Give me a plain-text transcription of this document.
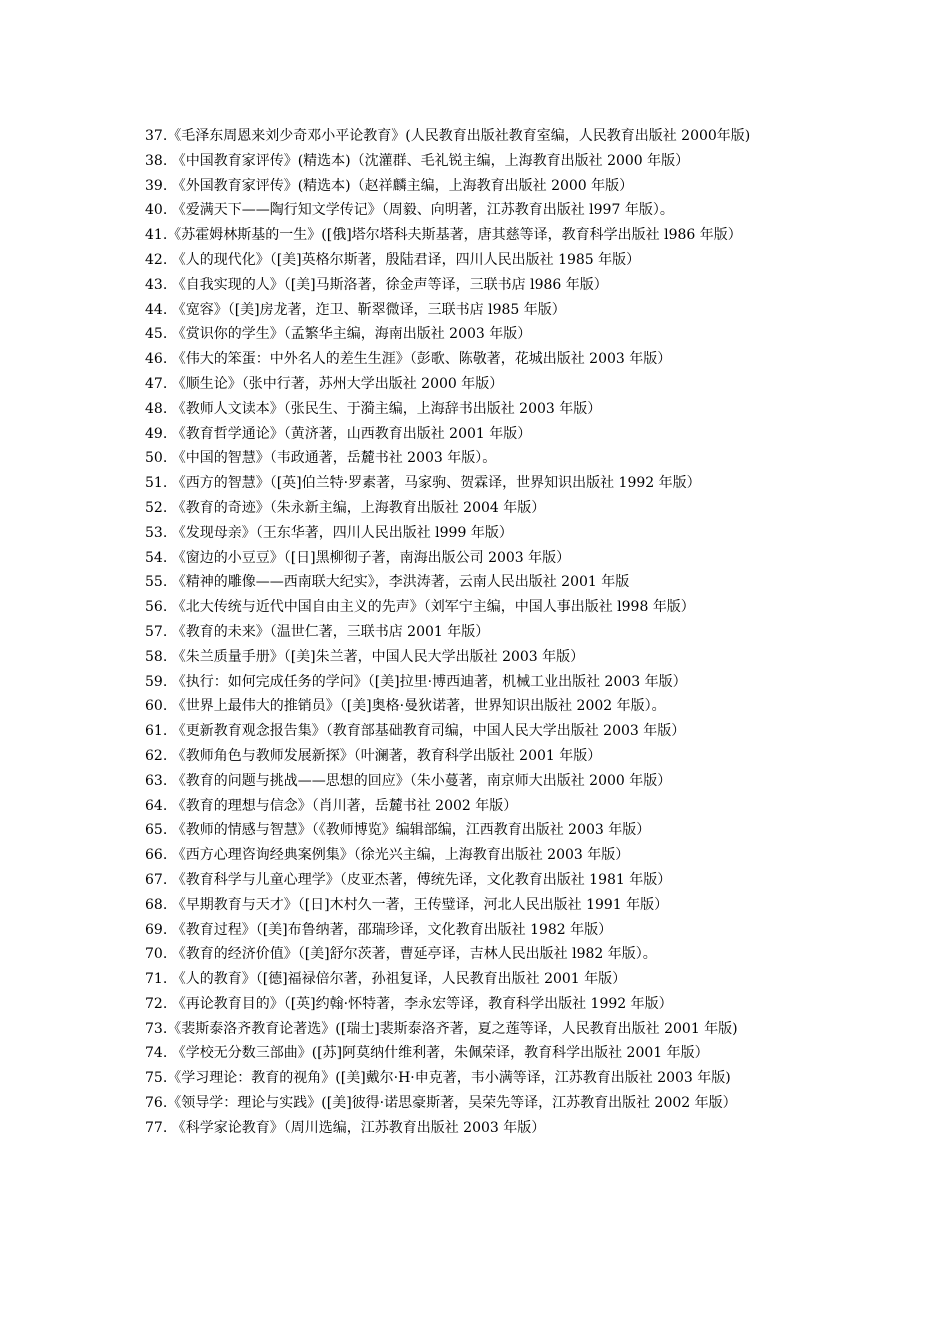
37.《毛泽东周恩来刘少奇邓小平论教育》(人民教育出版社教育室编，人民教育出版社 2000年版)

38. 《中国教育家评传》(精选本)（沈灌群、毛礼锐主编，上海教育出版社 2000 年版）

39. 《外国教育家评传》(精选本)（赵祥麟主编，上海教育出版社 2000 年版）

40. 《爱满天下——陶行知文学传记》（周毅、向明著，江苏教育出版社 l997 年版）。

41.《苏霍姆林斯基的一生》([俄]塔尔塔科夫斯基著，唐其慈等译，教育科学出版社 l986 年版）

42. 《人的现代化》（[美]英格尔斯著，殷陆君译，四川人民出版社 1985 年版）

43. 《自我实现的人》（[美]马斯洛著，徐金声等译，三联书店 l986 年版）

44. 《宽容》（[美]房龙著，迮卫、靳翠微译，三联书店 l985 年版）

45. 《赏识你的学生》（孟繁华主编，海南出版社 2003 年版）

46. 《伟大的笨蛋：中外名人的差生生涯》（彭歌、陈敬著，花城出版社 2003 年版）

47. 《顺生论》（张中行著，苏州大学出版社 2000 年版）

48. 《教师人文读本》（张民生、于漪主编，上海辞书出版社 2003 年版）

49. 《教育哲学通论》（黄济著，山西教育出版社 2001 年版）

50. 《中国的智慧》（韦政通著，岳麓书社 2003 年版）。

51. 《西方的智慧》（[英]伯兰特·罗素著，马家驹、贺霖译，世界知识出版社 1992 年版）

52. 《教育的奇迹》（朱永新主编，上海教育出版社 2004 年版）

53. 《发现母亲》（王东华著，四川人民出版社 l999 年版）

54. 《窗边的小豆豆》（[日]黑柳彻子著，南海出版公司 2003 年版）

55. 《精神的雕像——西南联大纪实》，李洪涛著，云南人民出版社 2001 年版

56. 《北大传统与近代中国自由主义的先声》（刘军宁主编，中国人事出版社 l998 年版）

57. 《教育的未来》（温世仁著，三联书店 2001 年版）

58. 《朱兰质量手册》（[美]朱兰著，中国人民大学出版社 2003 年版）

59. 《执行：如何完成任务的学问》（[美]拉里·博西迪著，机械工业出版社 2003 年版）

60. 《世界上最伟大的推销员》（[美]奥格·曼狄诺著，世界知识出版社 2002 年版）。

61. 《更新教育观念报告集》（教育部基础教育司编，中国人民大学出版社 2003 年版）

62. 《教师角色与教师发展新探》（叶澜著，教育科学出版社 2001 年版）

63. 《教育的问题与挑战——思想的回应》（朱小蔓著，南京师大出版社 2000 年版）

64. 《教育的理想与信念》（肖川著，岳麓书社 2002 年版）

65. 《教师的情感与智慧》（《教师博览》编辑部编，江西教育出版社 2003 年版）

66. 《西方心理咨询经典案例集》（徐光兴主编，上海教育出版社 2003 年版）

67. 《教育科学与儿童心理学》（皮亚杰著，傅统先译，文化教育出版社 1981 年版）

68. 《早期教育与天才》（[日]木村久一著，王传璧译，河北人民出版社 1991 年版）

69. 《教育过程》（[美]布鲁纳著，邵瑞珍译，文化教育出版社 1982 年版）

70. 《教育的经济价值》（[美]舒尔茨著，曹延亭译，吉林人民出版社 l982 年版）。

71. 《人的教育》（[德]福禄倍尔著，孙祖复译，人民教育出版社 2001 年版）

72. 《再论教育目的》（[英]约翰·怀特著，李永宏等译，教育科学出版社 1992 年版）

73.《裴斯泰洛齐教育论著选》([瑞士]裴斯泰洛齐著，夏之莲等译，人民教育出版社 2001 年版)

74. 《学校无分数三部曲》([苏]阿莫纳什维利著，朱佩荣译，教育科学出版社 2001 年版）

75.《学习理论：教育的视角》([美]戴尔·H·申克著，韦小满等译，江苏教育出版社 2003 年版)

76.《领导学：理论与实践》([美]彼得·诺思豪斯著，吴荣先等译，江苏教育出版社 2002 年版）

77. 《科学家论教育》（周川选编，江苏教育出版社 2003 年版）
